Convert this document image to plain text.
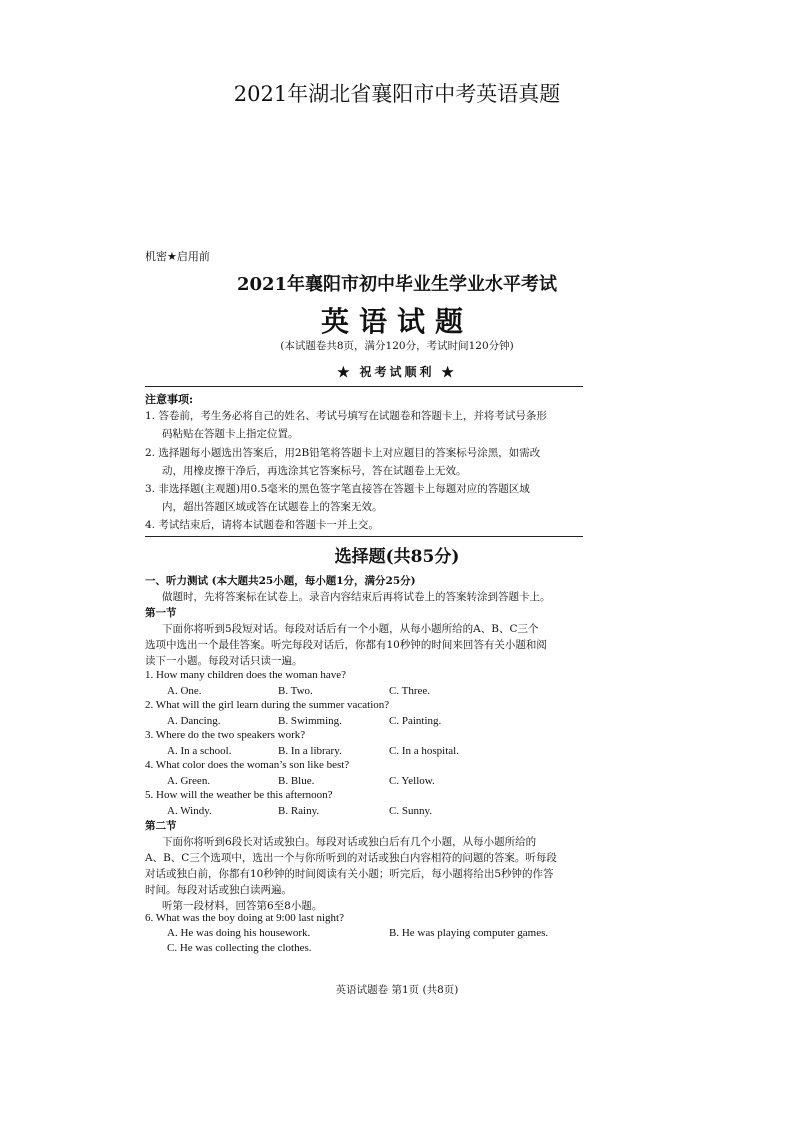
2021年湖北省襄阳市中考英语真题
机密★启用前
2021年襄阳市初中毕业生学业水平考试
英语试题
(本试题卷共8页，满分120分，考试时间120分钟)
★ 祝考试顺利 ★
注意事项:
1. 答卷前，考生务必将自己的姓名、考试号填写在试题卷和答题卡上，并将考试号条形
码粘贴在答题卡上指定位置。
2. 选择题每小题选出答案后，用2B铅笔将答题卡上对应题目的答案标号涂黑，如需改
动，用橡皮擦干净后，再选涂其它答案标号，答在试题卷上无效。
3. 非选择题(主观题)用0.5毫米的黑色签字笔直接答在答题卡上每题对应的答题区域
内，超出答题区域或答在试题卷上的答案无效。
4. 考试结束后，请将本试题卷和答题卡一并上交。
选择题(共85分)
一、听力测试 (本大题共25小题，每小题1分，满分25分)
做题时，先将答案标在试卷上。录音内容结束后再将试卷上的答案转涂到答题卡上。
第一节
下面你将听到5段短对话。每段对话后有一个小题，从每小题所给的A、B、C三个
选项中选出一个最佳答案。听完每段对话后，你都有10秒钟的时间来回答有关小题和阅
读下一小题。每段对话只读一遍。
1. How many children does the woman have?
A. One.	B. Two.	C. Three.
2. What will the girl learn during the summer vacation?
A. Dancing.	B. Swimming.	C. Painting.
3. Where do the two speakers work?
A. In a school.	B. In a library.	C. In a hospital.
4. What color does the woman’s son like best?
A. Green.	B. Blue.	C. Yellow.
5. How will the weather be this afternoon?
A. Windy.	B. Rainy.	C. Sunny.
第二节
下面你将听到6段长对话或独白。每段对话或独白后有几个小题，从每小题所给的
A、B、C三个选项中，选出一个与你所听到的对话或独白内容相符的问题的答案。听每段
对话或独白前，你都有10秒钟的时间阅读有关小题；听完后，每小题将给出5秒钟的作答
时间。每段对话或独白读两遍。
听第一段材料，回答第6至8小题。
6. What was the boy doing at 9:00 last night?
A. He was doing his housework.	B. He was playing computer games.
C. He was collecting the clothes.
英语试题卷 第1页 (共8页)
